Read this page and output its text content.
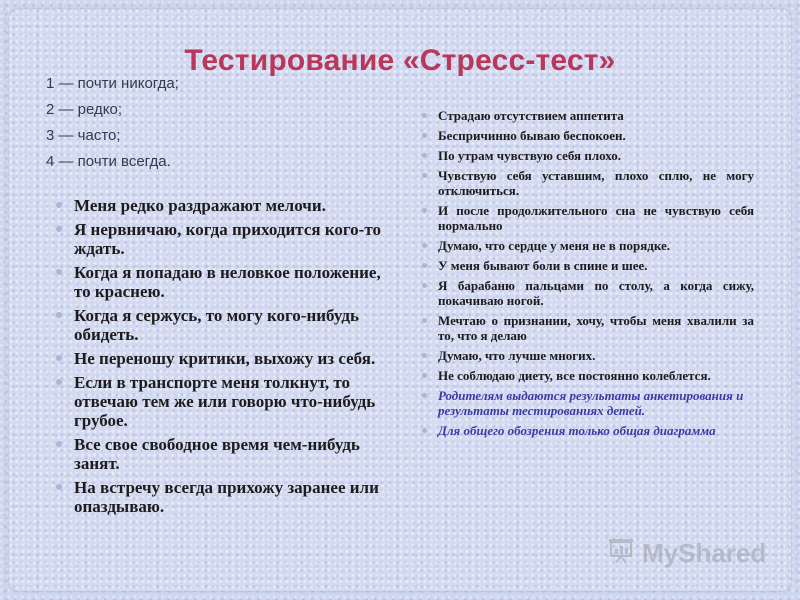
Тестирование «Стресс-тест»
1 — почти никогда;
2 — редко;
3 — часто;
4 — почти всегда.
Меня редко раздражают мелочи.
Я нервничаю, когда приходится кого-то ждать.
Когда я попадаю в неловкое положение, то краснею.
Когда я сержусь, то могу кого-нибудь обидеть.
Не переношу критики, выхожу из себя.
Если в транспорте меня толкнут, то отвечаю тем же или говорю что-нибудь грубое.
Все свое свободное время чем-нибудь занят.
На встречу всегда прихожу заранее или опаздываю.
Страдаю отсутствием аппетита
Беспричинно бываю беспокоен.
По утрам чувствую себя плохо.
Чувствую себя уставшим, плохо сплю, не могу отключиться.
И после продолжительного сна не чувствую себя нормально
Думаю, что сердце у меня не в порядке.
У меня бывают боли в спине и шее.
Я барабаню пальцами по столу, а когда сижу, покачиваю ногой.
Мечтаю о признании, хочу, чтобы меня хвалили за то, что я делаю
Думаю, что лучше многих.
Не соблюдаю диету, все постоянно колеблется.
Родителям выдаются результаты анкетирования и результаты тестированиях детей.
Для общего обозрения только общая диаграмма
MyShared
